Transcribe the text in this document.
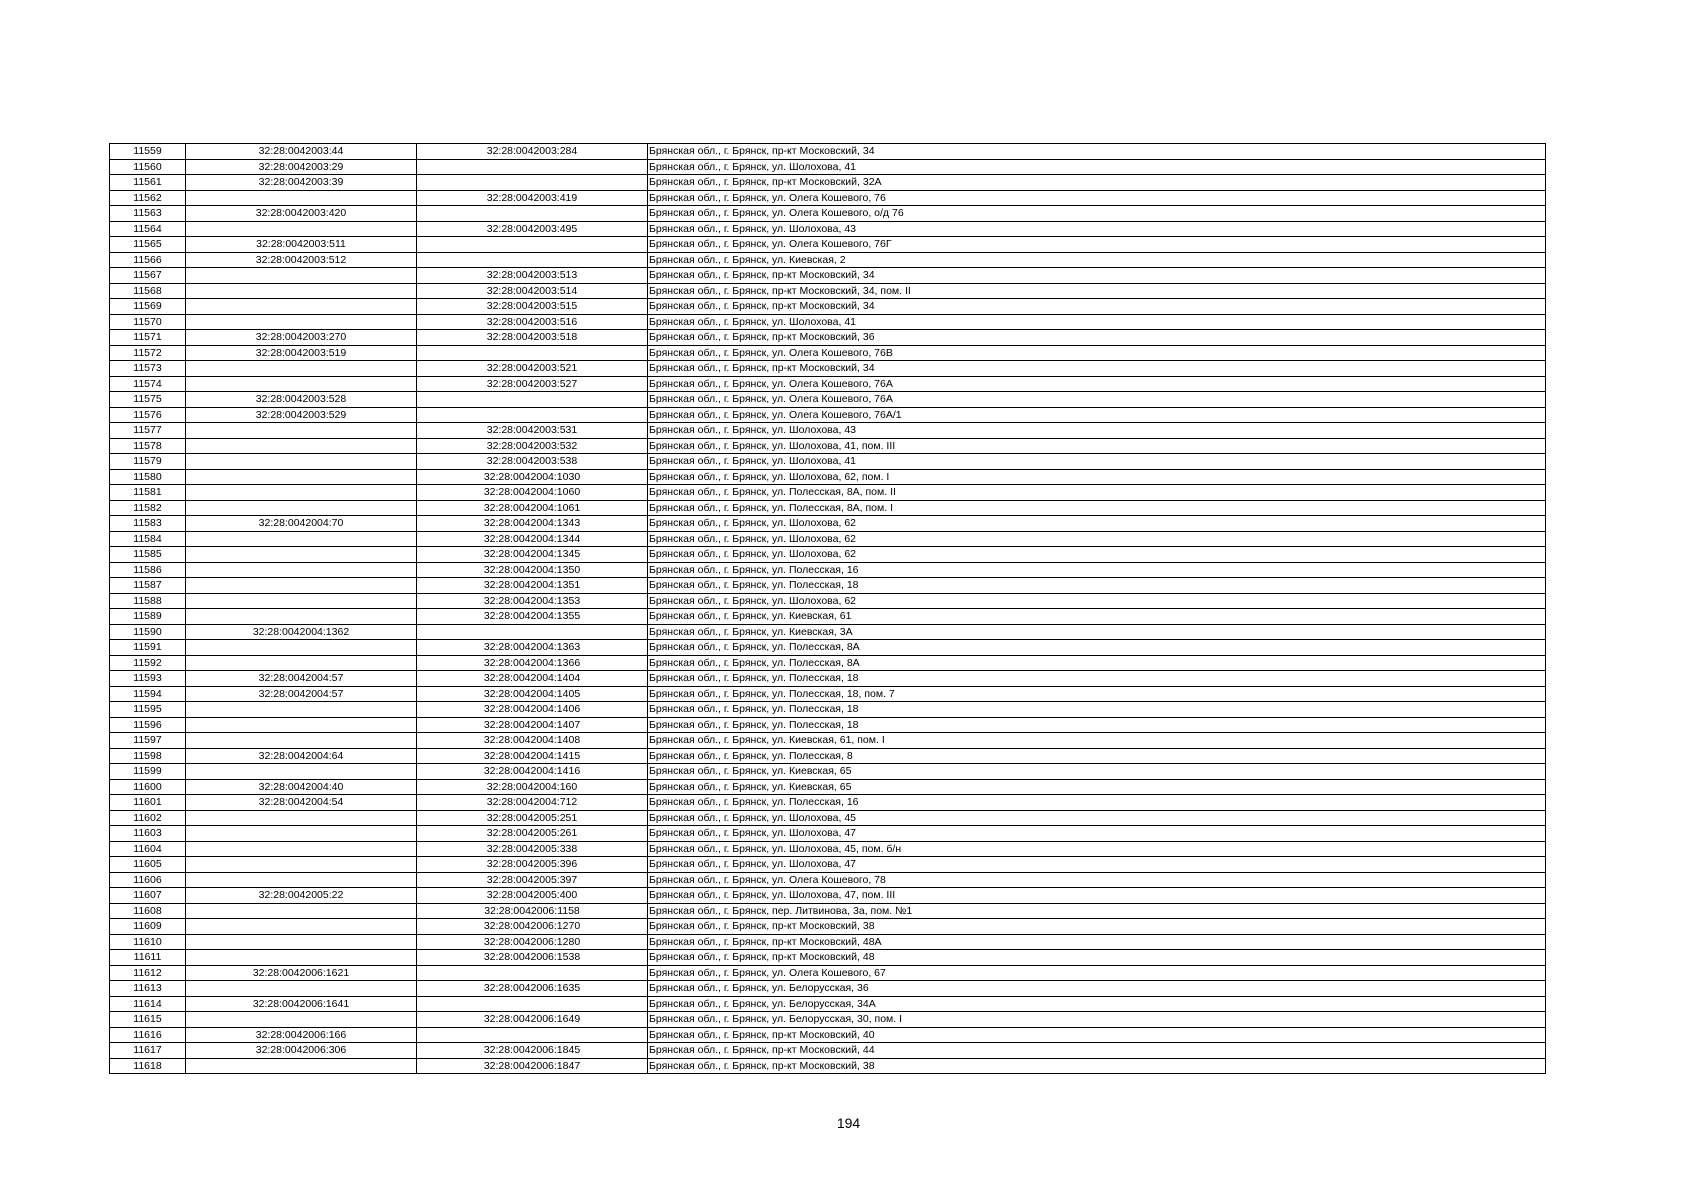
11559	32:28:0042003:44	32:28:0042003:284	Брянская обл., г. Брянск, пр-кт Московский, 34
11560	32:28:0042003:29		Брянская обл., г. Брянск, ул. Шолохова, 41
11561	32:28:0042003:39		Брянская обл., г. Брянск, пр-кт Московский, 32А
11562		32:28:0042003:419	Брянская обл., г. Брянск, ул. Олега Кошевого, 76
11563	32:28:0042003:420		Брянская обл., г. Брянск, ул. Олега Кошевого, о/д 76
11564		32:28:0042003:495	Брянская обл., г. Брянск, ул. Шолохова, 43
11565	32:28:0042003:511		Брянская обл., г. Брянск, ул. Олега Кошевого, 76Г
11566	32:28:0042003:512		Брянская обл., г. Брянск, ул. Киевская, 2
11567		32:28:0042003:513	Брянская обл., г. Брянск, пр-кт Московский, 34
11568		32:28:0042003:514	Брянская обл., г. Брянск, пр-кт Московский, 34, пом. II
11569		32:28:0042003:515	Брянская обл., г. Брянск, пр-кт Московский, 34
11570		32:28:0042003:516	Брянская обл., г. Брянск, ул. Шолохова, 41
11571	32:28:0042003:270	32:28:0042003:518	Брянская обл., г. Брянск, пр-кт Московский, 36
11572	32:28:0042003:519		Брянская обл., г. Брянск, ул. Олега Кошевого, 76В
11573		32:28:0042003:521	Брянская обл., г. Брянск, пр-кт Московский, 34
11574		32:28:0042003:527	Брянская обл., г. Брянск, ул. Олега Кошевого, 76А
11575	32:28:0042003:528		Брянская обл., г. Брянск, ул. Олега Кошевого, 76А
11576	32:28:0042003:529		Брянская обл., г. Брянск, ул. Олега Кошевого, 76А/1
11577		32:28:0042003:531	Брянская обл., г. Брянск, ул. Шолохова, 43
11578		32:28:0042003:532	Брянская обл., г. Брянск, ул. Шолохова, 41, пом. III
11579		32:28:0042003:538	Брянская обл., г. Брянск, ул. Шолохова, 41
11580		32:28:0042004:1030	Брянская обл., г. Брянск, ул. Шолохова, 62, пом. I
11581		32:28:0042004:1060	Брянская обл., г. Брянск, ул. Полесская, 8А, пом. II
11582		32:28:0042004:1061	Брянская обл., г. Брянск, ул. Полесская, 8А, пом. I
11583	32:28:0042004:70	32:28:0042004:1343	Брянская обл., г. Брянск, ул. Шолохова, 62
11584		32:28:0042004:1344	Брянская обл., г. Брянск, ул. Шолохова, 62
11585		32:28:0042004:1345	Брянская обл., г. Брянск, ул. Шолохова, 62
11586		32:28:0042004:1350	Брянская обл., г. Брянск, ул. Полесская, 16
11587		32:28:0042004:1351	Брянская обл., г. Брянск, ул. Полесская, 18
11588		32:28:0042004:1353	Брянская обл., г. Брянск, ул. Шолохова, 62
11589		32:28:0042004:1355	Брянская обл., г. Брянск, ул. Киевская, 61
11590	32:28:0042004:1362		Брянская обл., г. Брянск, ул. Киевская, 3А
11591		32:28:0042004:1363	Брянская обл., г. Брянск, ул. Полесская, 8А
11592		32:28:0042004:1366	Брянская обл., г. Брянск, ул. Полесская, 8А
11593	32:28:0042004:57	32:28:0042004:1404	Брянская обл., г. Брянск, ул. Полесская, 18
11594	32:28:0042004:57	32:28:0042004:1405	Брянская обл., г. Брянск, ул. Полесская, 18, пом. 7
11595		32:28:0042004:1406	Брянская обл., г. Брянск, ул. Полесская, 18
11596		32:28:0042004:1407	Брянская обл., г. Брянск, ул. Полесская, 18
11597		32:28:0042004:1408	Брянская обл., г. Брянск, ул. Киевская, 61, пом. I
11598	32:28:0042004:64	32:28:0042004:1415	Брянская обл., г. Брянск, ул. Полесская, 8
11599		32:28:0042004:1416	Брянская обл., г. Брянск, ул. Киевская, 65
11600	32:28:0042004:40	32:28:0042004:160	Брянская обл., г. Брянск, ул. Киевская, 65
11601	32:28:0042004:54	32:28:0042004:712	Брянская обл., г. Брянск, ул. Полесская, 16
11602		32:28:0042005:251	Брянская обл., г. Брянск, ул. Шолохова, 45
11603		32:28:0042005:261	Брянская обл., г. Брянск, ул. Шолохова, 47
11604		32:28:0042005:338	Брянская обл., г. Брянск, ул. Шолохова, 45, пом. б/н
11605		32:28:0042005:396	Брянская обл., г. Брянск, ул. Шолохова, 47
11606		32:28:0042005:397	Брянская обл., г. Брянск, ул. Олега Кошевого, 78
11607	32:28:0042005:22	32:28:0042005:400	Брянская обл., г. Брянск, ул. Шолохова, 47, пом. III
11608		32:28:0042006:1158	Брянская обл., г. Брянск, пер. Литвинова, 3а, пом. №1
11609		32:28:0042006:1270	Брянская обл., г. Брянск, пр-кт Московский, 38
11610		32:28:0042006:1280	Брянская обл., г. Брянск, пр-кт Московский, 48А
11611		32:28:0042006:1538	Брянская обл., г. Брянск, пр-кт Московский, 48
11612	32:28:0042006:1621		Брянская обл., г. Брянск, ул. Олега Кошевого, 67
11613		32:28:0042006:1635	Брянская обл., г. Брянск, ул. Белорусская, 36
11614	32:28:0042006:1641		Брянская обл., г. Брянск, ул. Белорусская, 34А
11615		32:28:0042006:1649	Брянская обл., г. Брянск, ул. Белорусская, 30, пом. I
11616	32:28:0042006:166		Брянская обл., г. Брянск, пр-кт Московский, 40
11617	32:28:0042006:306	32:28:0042006:1845	Брянская обл., г. Брянск, пр-кт Московский, 44
11618		32:28:0042006:1847	Брянская обл., г. Брянск, пр-кт Московский, 38
194
